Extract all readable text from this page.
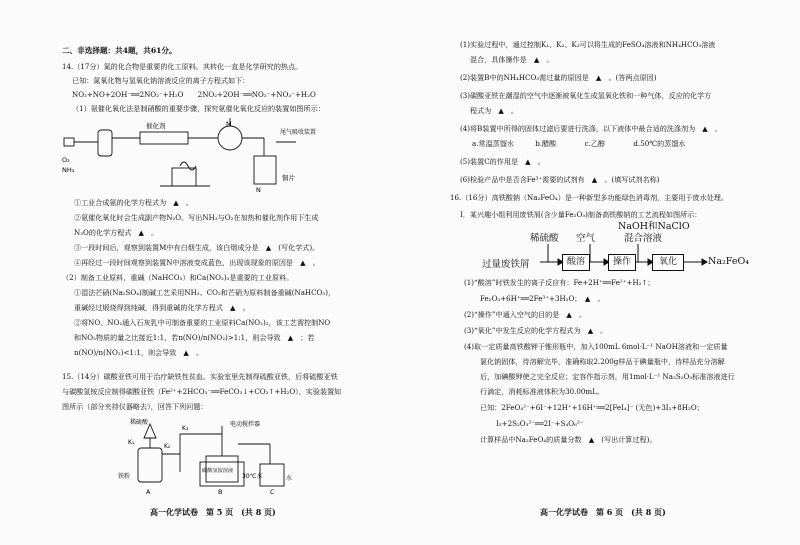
二、非选择题：共4题，共61分。
14.（17分）氮的化合物是重要的化工原料，其转化一直是化学研究的热点。
已知：氮氧化物与氢氧化钠溶液反应的离子方程式如下：
NO₂+NO+2OH⁻══2NO₂⁻+H₂O　　2NO₂+2OH⁻══NO₂⁻+NO₃⁻+H₂O
（1）氨催化氧化法是制硝酸的重要步骤，探究氨催化氧化反应的装置如图所示：
O₂
NH₃
催化剂	M
N
尾气吸收装置
铜片
①工业合成氨的化学方程式为　▲　。
②氨催化氧化时会生成副产物N₂O。写出NH₃与O₂在加热和催化剂作用下生成
N₂O的化学方程式　▲　。
③一段时间后，观察到装置M中有白烟生成，该白烟成分是　▲　(写化学式)。
④再经过一段时间观察到装置N中溶液变成蓝色，出现该现象的原因是　▲　。
（2）制备工业原料，重碱（NaHCO₃）和Ca(NO₂)₂是重要的工业原料。
①湿法芒硝(Na₂SO₄)制碱工艺采用NH₃、CO₂和芒硝为原料制备重碱(NaHCO₃)，
重碱经过煅烧得到纯碱，得到重碱的化学方程式　▲　。
②将NO、NO₂通入石灰乳中可制备重要的工业原料Ca(NO₂)₂，该工艺需控制NO
和NO₂物质的量之比接近1:1，若n(NO)/n(NO₂)>1:1，则会导致　▲　；若
n(NO)/n(NO₂)<1:1，则会导致　▲　。
15.（14分）碳酸亚铁可用于治疗缺铁性贫血。实验室里先制得硫酸亚铁，后将硫酸亚铁
与碳酸氢铵反应制得碳酸亚铁（Fe²⁺+2HCO₃⁻══FeCO₃↓+CO₂↑+H₂O），实验装置如
图所示（部分夹持仪器略去），回答下列问题：
稀硫酸
K₁
K₂
K₃
电动搅拌器
铁粉
碳酸氢铵溶液
30℃水	水
A	B	C
高一化学试卷　第 5 页　(共 8 页)
(1)实验过程中，通过控制K₁、K₂、K₃可以将生成的FeSO₄溶液和NH₄HCO₃溶液
混合，具体操作是　▲　。
(2)装置B中的NH₄HCO₃需过量的原因是　▲　。(答两点原因)
(3)碳酸亚铁在潮湿的空气中逐渐被氧化生成氢氧化铁和一种气体，反应的化学方
程式为　▲　。
(4)将B装置中所得的固体过滤后要进行洗涤，以下液体中最合适的洗涤剂为　▲　。
a.常温蒸馏水　　　b.醋酸　　　　c.乙醇　　　　d.50℃的蒸馏水
(5)装置C的作用是　▲　。
(6)检验产品中是否含Fe³⁺需要的试剂有　▲　。(填写试剂名称)
16.（16分）高铁酸钠（Na₂FeO₄）是一种新型多功能绿色消毒剂，主要用于废水处理。
Ⅰ．某兴趣小组利用废铁屑(含少量Fe₂O₃)制备高铁酸钠的工艺流程如图所示：
NaOH和NaClO
稀硫酸 空气	混合溶液
过量废铁屑	酸溶	操作	氧化	Na₂FeO₄
(1)“酸溶”时铁发生的离子反应有：Fe+2H⁺══Fe²⁺+H₂↑；
Fe₂O₃+6H⁺══2Fe³⁺+3H₂O；　▲　。
(2)“操作”中通入空气的目的是　▲　。
(3)“氧化”中发生反应的化学方程式为　▲　。
(4)取一定质量高铁酸钾于锥形瓶中，加入100mL 6mol·L⁻¹ NaOH溶液和一定质量
氯化钠固体，待溶解完毕，准确称取2.200g样品于碘量瓶中，待样品充分溶解
后，加碘酸钾使之完全反应；定容作指示剂，用1mol·L⁻¹ Na₂S₂O₃标准溶液进行
行滴定，消耗标准液体积为30.00mL。
已知：2FeO₄²⁻+6I⁻+12H⁺+16H⁺══2[FeI₄]⁻ (无色)+3I₂+8H₂O；
I₂+2S₂O₃²⁻══2I⁻+S₄O₆²⁻
计算样品中Na₂FeO₄的质量分数　▲　(写出计算过程)。
高一化学试卷　第 6 页　(共 8 页)
